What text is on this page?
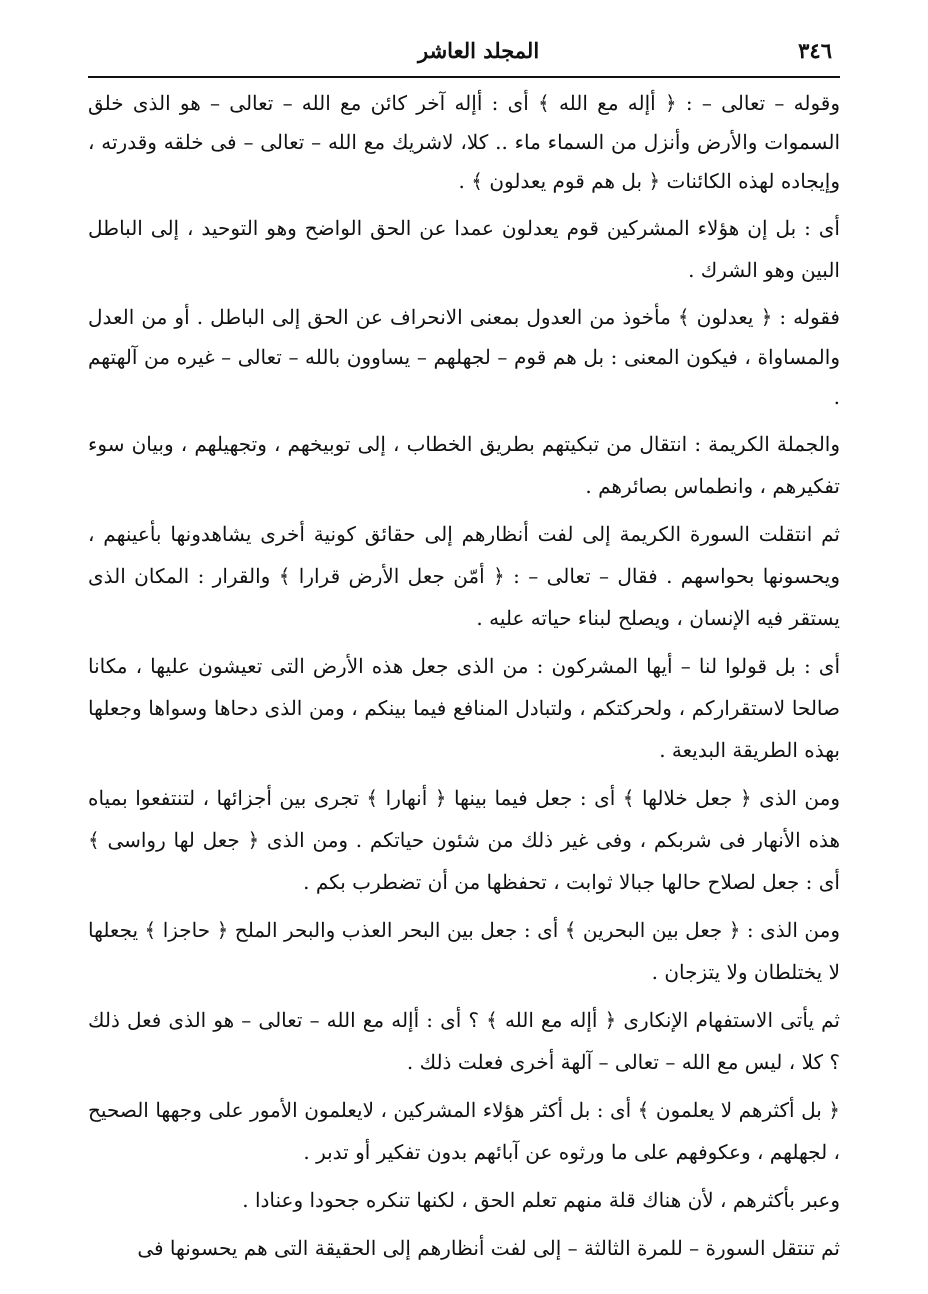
٣٤٦
المجلد العاشر

وقوله – تعالى – : ﴿ أإله مع الله ﴾ أى : أإله آخر كائن مع الله – تعالى – هو الذى خلق السموات والأرض وأنزل من السماء ماء .. كلا، لاشريك مع الله – تعالى – فى خلقه وقدرته ، وإيجاده لهذه الكائنات ﴿ بل هم قوم يعدلون ﴾ .

أى : بل إن هؤلاء المشركين قوم يعدلون عمدا عن الحق الواضح وهو التوحيد ، إلى الباطل البين وهو الشرك .

فقوله : ﴿ يعدلون ﴾ مأخوذ من العدول بمعنى الانحراف عن الحق إلى الباطل . أو من العدل والمساواة ، فيكون المعنى : بل هم قوم – لجهلهم – يساوون بالله – تعالى – غيره من آلهتهم .

والجملة الكريمة : انتقال من تبكيتهم بطريق الخطاب ، إلى توبيخهم ، وتجهيلهم ، وبيان سوء تفكيرهم ، وانطماس بصائرهم .

ثم انتقلت السورة الكريمة إلى لفت أنظارهم إلى حقائق كونية أخرى يشاهدونها بأعينهم ، ويحسونها بحواسهم . فقال – تعالى – : ﴿ أمّن جعل الأرض قرارا ﴾ والقرار : المكان الذى يستقر فيه الإنسان ، ويصلح لبناء حياته عليه .

أى : بل قولوا لنا – أيها المشركون : من الذى جعل هذه الأرض التى تعيشون عليها ، مكانا صالحا لاستقراركم ، ولحركتكم ، ولتبادل المنافع فيما بينكم ، ومن الذى دحاها وسواها وجعلها بهذه الطريقة البديعة .

ومن الذى ﴿ جعل خلالها ﴾ أى : جعل فيما بينها ﴿ أنهارا ﴾ تجرى بين أجزائها ، لتنتفعوا بمياه هذه الأنهار فى شربكم ، وفى غير ذلك من شئون حياتكم . ومن الذى ﴿ جعل لها رواسى ﴾ أى : جعل لصلاح حالها جبالا ثوابت ، تحفظها من أن تضطرب بكم .

ومن الذى : ﴿ جعل بين البحرين ﴾ أى : جعل بين البحر العذب والبحر الملح ﴿ حاجزا ﴾ يجعلها لا يختلطان ولا يتزجان .

ثم يأتى الاستفهام الإنكارى ﴿ أإله مع الله ﴾ ؟ أى : أإله مع الله – تعالى – هو الذى فعل ذلك ؟ كلا ، ليس مع الله – تعالى – آلهة أخرى فعلت ذلك .

﴿ بل أكثرهم لا يعلمون ﴾ أى : بل أكثر هؤلاء المشركين ، لايعلمون الأمور على وجهها الصحيح ، لجهلهم ، وعكوفهم على ما ورثوه عن آبائهم بدون تفكير أو تدبر .

وعبر بأكثرهم ، لأن هناك قلة منهم تعلم الحق ، لكنها تنكره جحودا وعنادا .

ثم تنتقل السورة – للمرة الثالثة – إلى لفت أنظارهم إلى الحقيقة التى هم يحسونها فى
